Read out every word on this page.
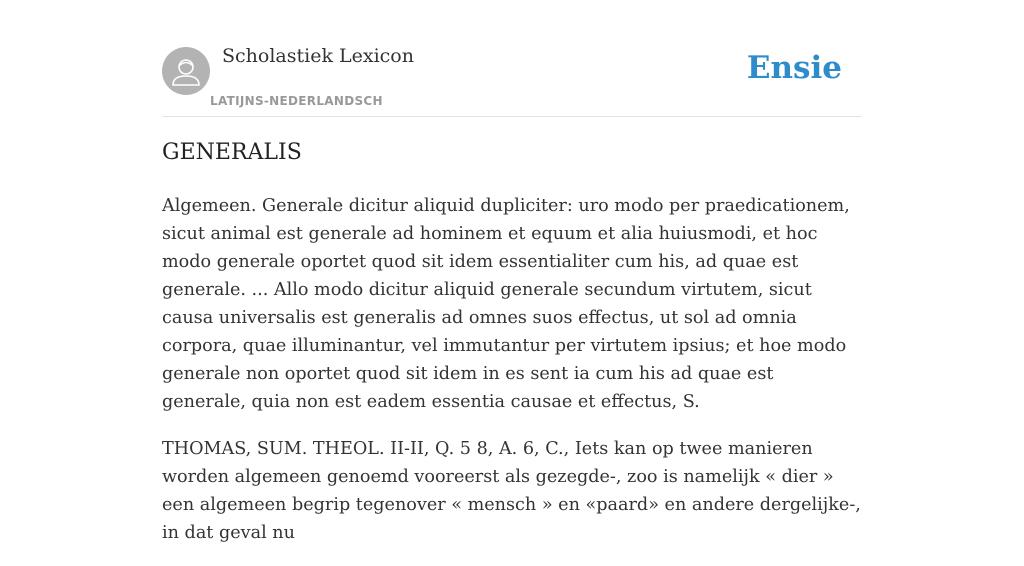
Scholastiek Lexicon
LATIJNS-NEDERLANDSCH
Ensie
GENERALIS

Algemeen. Generale dicitur aliquid dupliciter: uro modo per praedicationem, sicut animal est generale ad hominem et equum et alia huiusmodi, et hoc modo generale oportet quod sit idem essentialiter cum his, ad quae est generale. ... Allo modo dicitur aliquid generale secundum virtutem, sicut causa universalis est generalis ad omnes suos effectus, ut sol ad omnia corpora, quae illuminantur, vel immutantur per virtutem ipsius; et hoe modo generale non oportet quod sit idem in es sent ia cum his ad quae est generale, quia non est eadem essentia causae et effectus, S.

THOMAS, SUM. THEOL. II-II, Q. 5 8, A. 6, C., Iets kan op twee manieren worden algemeen genoemd vooreerst als gezegde-, zoo is namelijk « dier » een algemeen begrip tegenover « mensch » en «paard» en andere dergelijke-, in dat geval nu
